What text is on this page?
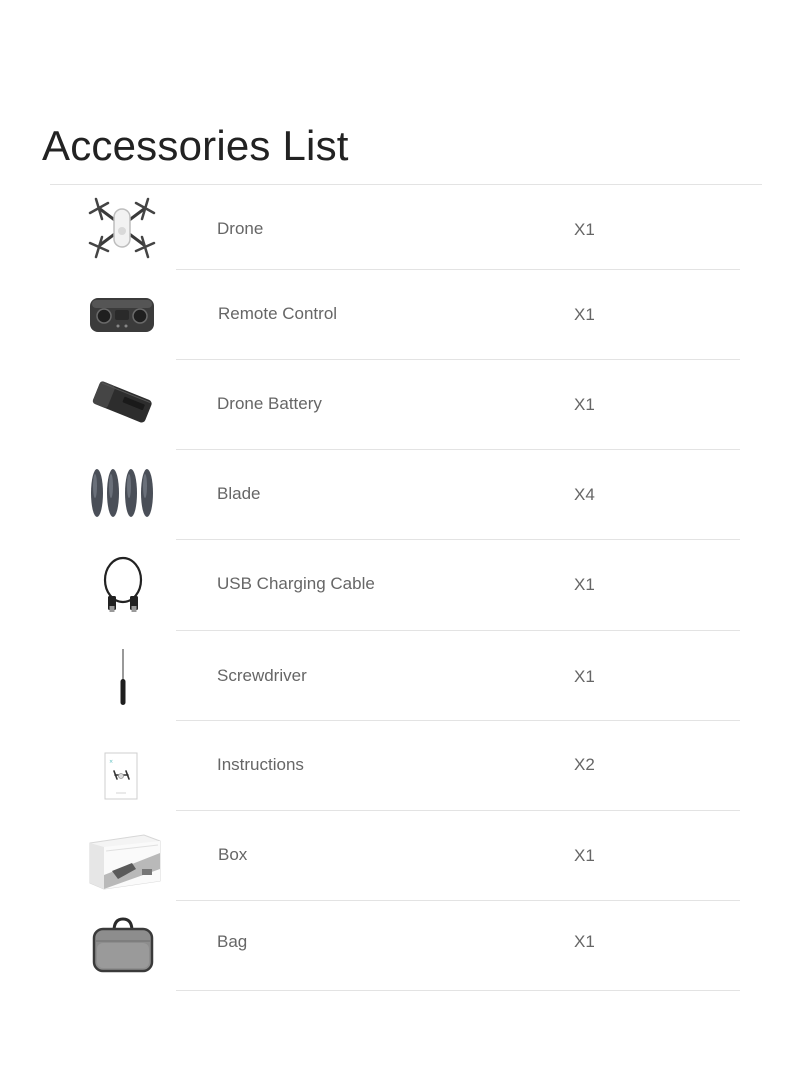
Accessories List
Drone	X1
Remote Control	X1
Drone Battery	X1
Blade	X4
USB Charging Cable	X1
Screwdriver	X1
×	Instructions	X2
Box	X1
Bag	X1
